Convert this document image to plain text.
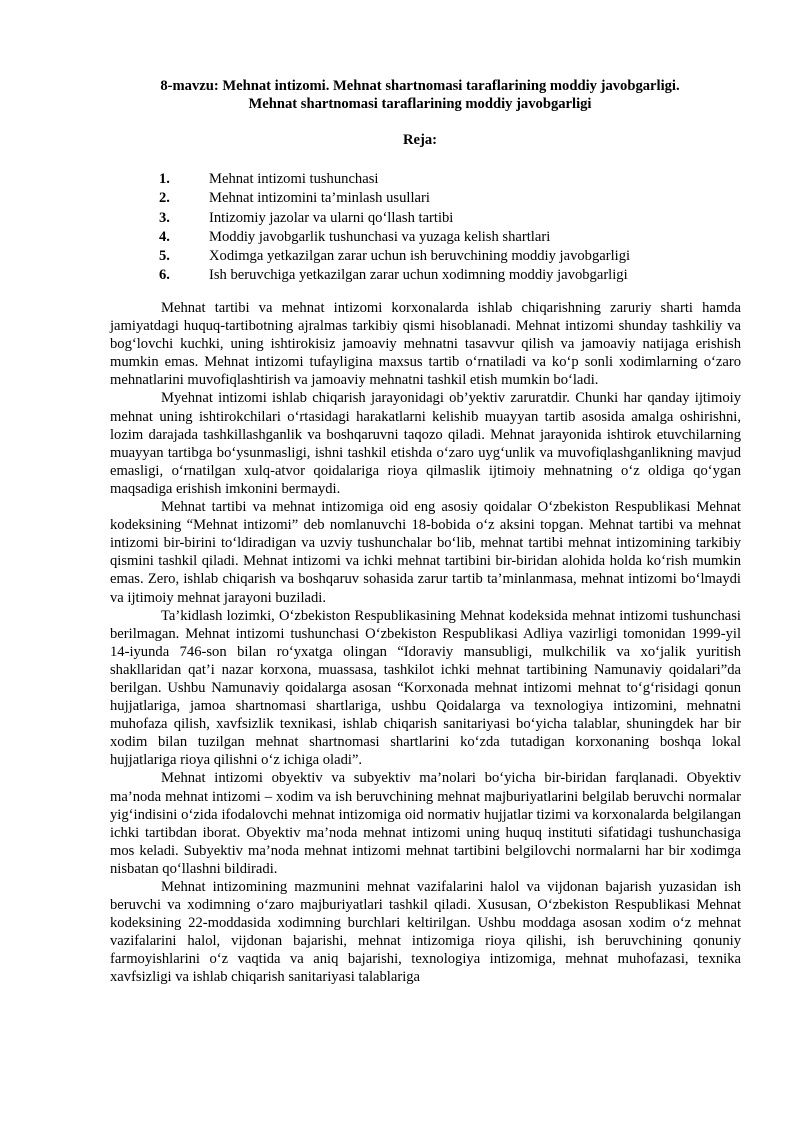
8-mavzu: Mehnat intizomi. Mehnat shartnomasi taraflarining moddiy javobgarligi.
Mehnat shartnomasi taraflarining moddiy javobgarligi
Reja:
1.	Mehnat intizomi tushunchasi
2.	Mehnat intizomini ta’minlash usullari
3.	Intizomiy jazolar va ularni qo‘llash tartibi
4.	Moddiy javobgarlik tushunchasi va yuzaga kelish shartlari
5.	Xodimga yetkazilgan zarar uchun ish beruvchining moddiy javobgarligi
6.	Ish beruvchiga yetkazilgan zarar uchun xodimning moddiy javobgarligi

Mehnat tartibi va mehnat intizomi korxonalarda ishlab chiqarishning zaruriy sharti hamda jamiyatdagi huquq-tartibotning ajralmas tarkibiy qismi hisoblanadi. Mehnat intizomi shunday tashkiliy va bog‘lovchi kuchki, uning ishtirokisiz jamoaviy mehnatni tasavvur qilish va jamoaviy natijaga erishish mumkin emas. Mehnat intizomi tufayligina maxsus tartib o‘rnatiladi va ko‘p sonli xodimlarning o‘zaro mehnatlarini muvofiqlashtirish va jamoaviy mehnatni tashkil etish mumkin bo‘ladi.

Myehnat intizomi ishlab chiqarish jarayonidagi ob’yektiv zaruratdir. Chunki har qanday ijtimoiy mehnat uning ishtirokchilari o‘rtasidagi harakatlarni kelishib muayyan tartib asosida amalga oshirishni, lozim darajada tashkillashganlik va boshqaruvni taqozo qiladi. Mehnat jarayonida ishtirok etuvchilarning muayyan tartibga bo‘ysunmasligi, ishni tashkil etishda o‘zaro uyg‘unlik va muvofiqlashganlikning mavjud emasligi, o‘rnatilgan xulq-atvor qoidalariga rioya qilmaslik ijtimoiy mehnatning o‘z oldiga qo‘ygan maqsadiga erishish imkonini bermaydi.

Mehnat tartibi va mehnat intizomiga oid eng asosiy qoidalar O‘zbekiston Respublikasi Mehnat kodeksining “Mehnat intizomi” deb nomlanuvchi 18-bobida o‘z aksini topgan. Mehnat tartibi va mehnat intizomi bir-birini to‘ldiradigan va uzviy tushunchalar bo‘lib, mehnat tartibi mehnat intizomining tarkibiy qismini tashkil qiladi. Mehnat intizomi va ichki mehnat tartibini bir-biridan alohida holda ko‘rish mumkin emas. Zero, ishlab chiqarish va boshqaruv sohasida zarur tartib ta’minlanmasa, mehnat intizomi bo‘lmaydi va ijtimoiy mehnat jarayoni buziladi.

Ta’kidlash lozimki, O‘zbekiston Respublikasining Mehnat kodeksida mehnat intizomi tushunchasi berilmagan. Mehnat intizomi tushunchasi O‘zbekiston Respublikasi Adliya vazirligi tomonidan 1999-yil 14-iyunda 746-son bilan ro‘yxatga olingan “Idoraviy mansubligi, mulkchilik va xo‘jalik yuritish shakllaridan qat’i nazar korxona, muassasa, tashkilot ichki mehnat tartibining Namunaviy qoidalari”da berilgan. Ushbu Namunaviy qoidalarga asosan “Korxonada mehnat intizomi mehnat to‘g‘risidagi qonun hujjatlariga, jamoa shartnomasi shartlariga, ushbu Qoidalarga va texnologiya intizomini, mehnatni muhofaza qilish, xavfsizlik texnikasi, ishlab chiqarish sanitariyasi bo‘yicha talablar, shuningdek har bir xodim bilan tuzilgan mehnat shartnomasi shartlarini ko‘zda tutadigan korxonaning boshqa lokal hujjatlariga rioya qilishni o‘z ichiga oladi”.

Mehnat intizomi obyektiv va subyektiv ma’nolari bo‘yicha bir-biridan farqlanadi. Obyektiv ma’noda mehnat intizomi – xodim va ish beruvchining mehnat majburiyatlarini belgilab beruvchi normalar yig‘indisini o‘zida ifodalovchi mehnat intizomiga oid normativ hujjatlar tizimi va korxonalarda belgilangan ichki tartibdan iborat. Obyektiv ma’noda mehnat intizomi uning huquq instituti sifatidagi tushunchasiga mos keladi. Subyektiv ma’noda mehnat intizomi mehnat tartibini belgilovchi normalarni har bir xodimga nisbatan qo‘llashni bildiradi.

Mehnat intizomining mazmunini mehnat vazifalarini halol va vijdonan bajarish yuzasidan ish beruvchi va xodimning o‘zaro majburiyatlari tashkil qiladi. Xususan, O‘zbekiston Respublikasi Mehnat kodeksining 22-moddasida xodimning burchlari keltirilgan. Ushbu moddaga asosan xodim o‘z mehnat vazifalarini halol, vijdonan bajarishi, mehnat intizomiga rioya qilishi, ish beruvchining qonuniy farmoyishlarini o‘z vaqtida va aniq bajarishi, texnologiya intizomiga, mehnat muhofazasi, texnika xavfsizligi va ishlab chiqarish sanitariyasi talablariga
